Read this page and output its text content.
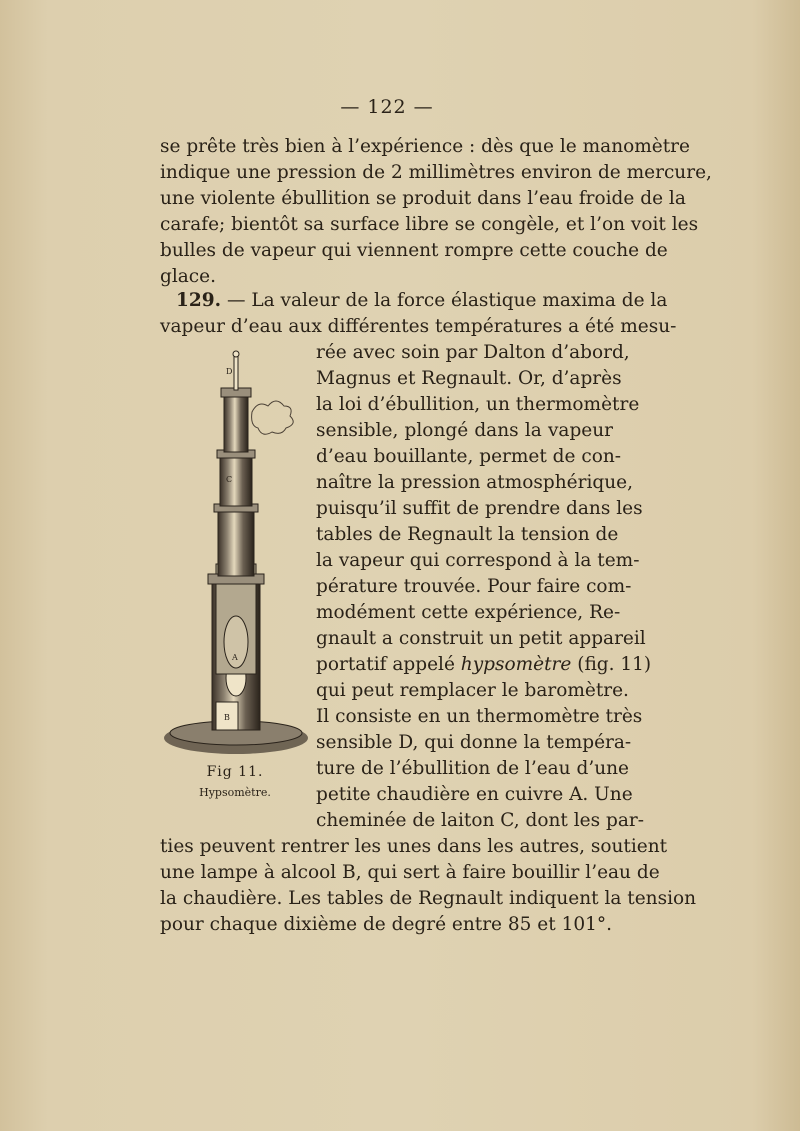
— 122 —
se prête très bien à l’expérience : dès que le manomètre
indique une pression de 2 millimètres environ de mercure,
une violente ébullition se produit dans l’eau froide de la
carafe; bientôt sa surface libre se congèle, et l’on voit les
bulles de vapeur qui viennent rompre cette couche de
glace.
129. — La valeur de la force élastique maxima de la
vapeur d’eau aux différentes températures a été mesu-
rée avec soin par Dalton d’abord,
Magnus et Regnault. Or, d’après
la loi d’ébullition, un thermomètre
sensible, plongé dans la vapeur
d’eau bouillante, permet de con-
naître la pression atmosphérique,
puisqu’il suffit de prendre dans les
tables de Regnault la tension de
la vapeur qui correspond à la tem-
pérature trouvée. Pour faire com-
modément cette expérience, Re-
gnault a construit un petit appareil
portatif appelé hypsomètre (fig. 11)
qui peut remplacer le baromètre.
Il consiste en un thermomètre très
sensible D, qui donne la tempéra-
ture de l’ébullition de l’eau d’une
petite chaudière en cuivre A. Une
cheminée de laiton C, dont les par-
ties peuvent rentrer les unes dans les autres, soutient
une lampe à alcool B, qui sert à faire bouillir l’eau de
la chaudière. Les tables de Regnault indiquent la tension
pour chaque dixième de degré entre 85 et 101°.
D
C
A
B
Fig 11.
Hypsomètre.
